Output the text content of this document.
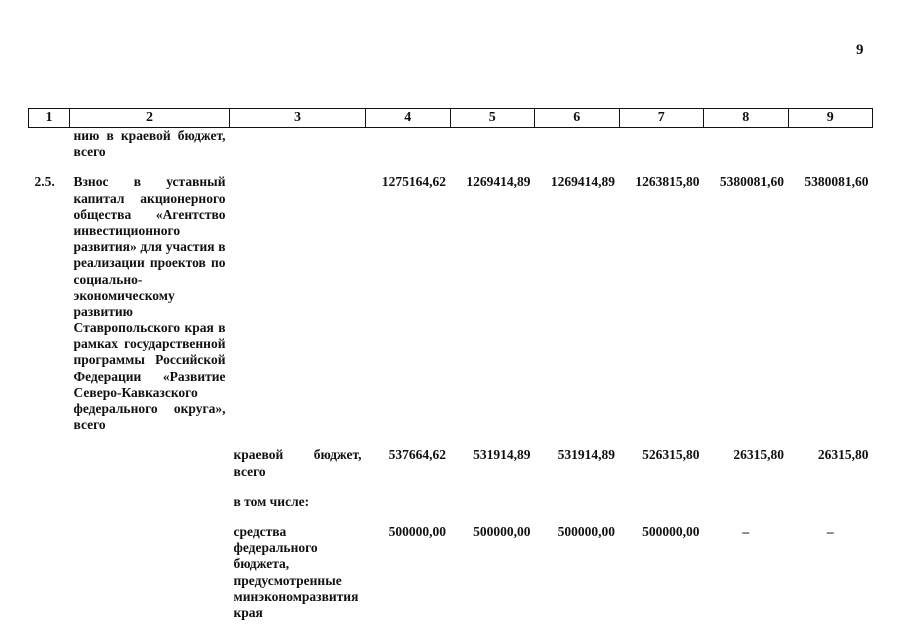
9
1	2	3	4	5	6	7	8	9
	нию в краевой бюджет, всего							

2.5.	Взнос в уставный капитал акционерного общества «Агентство инвестиционного развития» для участия в реализации проектов по социально-экономическому развитию Ставропольского края в рамках государственной программы Российской Федерации «Развитие Северо-Кавказского федерального округа», всего		1275164,62	1269414,89	1269414,89	1263815,80	5380081,60	5380081,60

		краевой бюджет, всего	537664,62	531914,89	531914,89	526315,80	26315,80	26315,80

		в том числе:						

		средства федерального бюджета, предусмотренные минэкономразвития края	500000,00	500000,00	500000,00	500000,00	–	–
